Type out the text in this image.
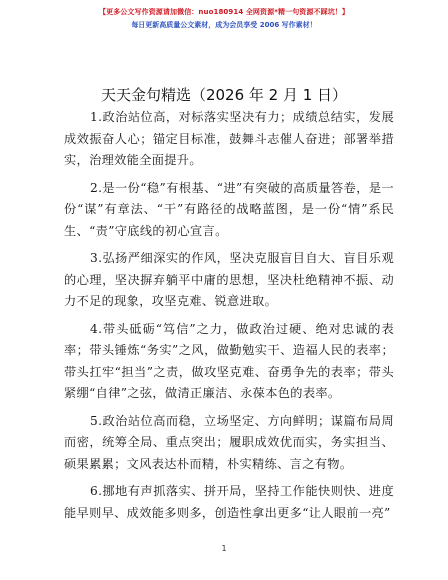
【更多公文写作资源请加微信：nuo180914 全网资源*精一句资源不踩坑！】
每日更新高质量公文素材，成为会员享受 2006 写作素材！
天天金句精选（2026 年 2 月 1 日）

1.政治站位高，对标落实坚决有力；成绩总结实，发展成效振奋人心；锚定目标准，鼓舞斗志催人奋进；部署举措实，治理效能全面提升。

2.是一份“稳”有根基、“进”有突破的高质量答卷，是一份“谋”有章法、“干”有路径的战略蓝图，是一份“情”系民生、“责”守底线的初心宣言。

3.弘扬严细深实的作风，坚决克服盲目自大、盲目乐观的心理，坚决摒弃躺平中庸的思想，坚决杜绝精神不振、动力不足的现象，攻坚克难、锐意进取。

4.带头砥砺“笃信”之力，做政治过硬、绝对忠诚的表率；带头锤炼“务实”之风，做勤勉实干、造福人民的表率；带头扛牢“担当”之责，做攻坚克难、奋勇争先的表率；带头紧绷“自律”之弦，做清正廉洁、永葆本色的表率。

5.政治站位高而稳，立场坚定、方向鲜明；谋篇布局周而密，统筹全局、重点突出；履职成效优而实，务实担当、硕果累累；文风表达朴而精，朴实精练、言之有物。

6.挪地有声抓落实、拼开局，坚持工作能快则快、进度能早则早、成效能多则多，创造性拿出更多“让人眼前一亮”

1
